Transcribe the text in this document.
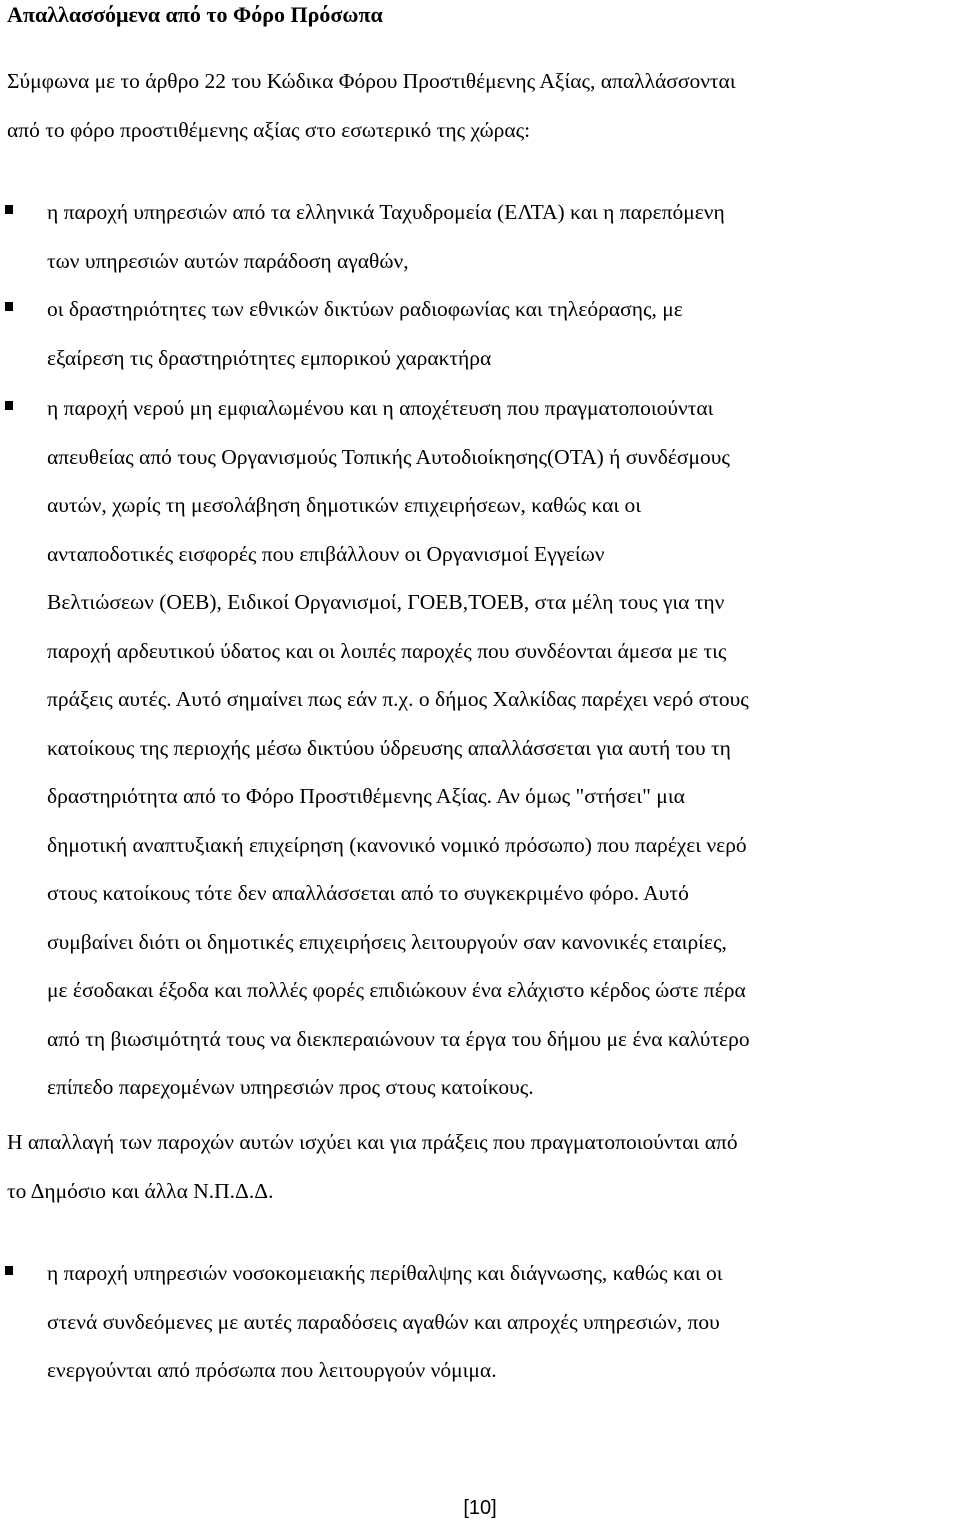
Απαλλασσόμενα από το Φόρο Πρόσωπα

Σύμφωνα με το άρθρο 22 του Κώδικα Φόρου Προστιθέμενης Αξίας, απαλλάσσονται
από το φόρο προστιθέμενης αξίας στο εσωτερικό της χώρας:

η παροχή υπηρεσιών από τα ελληνικά Ταχυδρομεία (ΕΛΤΑ) και η παρεπόμενη
των υπηρεσιών αυτών παράδοση αγαθών,

οι δραστηριότητες των εθνικών δικτύων ραδιοφωνίας και τηλεόρασης, με
εξαίρεση τις δραστηριότητες εμπορικού χαρακτήρα

η παροχή νερού μη εμφιαλωμένου και η αποχέτευση που πραγματοποιούνται
απευθείας από τους Οργανισμούς Τοπικής Αυτοδιοίκησης(ΟΤΑ) ή συνδέσμους
αυτών, χωρίς τη μεσολάβηση δημοτικών επιχειρήσεων, καθώς και οι
ανταποδοτικές εισφορές που επιβάλλουν οι Οργανισμοί Εγγείων
Βελτιώσεων (ΟΕΒ), Ειδικοί Οργανισμοί, ΓΟΕΒ,ΤΟΕΒ, στα μέλη τους για την
παροχή αρδευτικού ύδατος και οι λοιπές παροχές που συνδέονται άμεσα με τις
πράξεις αυτές. Αυτό σημαίνει πως εάν π.χ. ο δήμος Χαλκίδας παρέχει νερό στους
κατοίκους της περιοχής μέσω δικτύου ύδρευσης απαλλάσσεται για αυτή του τη
δραστηριότητα από το Φόρο Προστιθέμενης Αξίας. Αν όμως "στήσει" μια
δημοτική αναπτυξιακή επιχείρηση (κανονικό νομικό πρόσωπο) που παρέχει νερό
στους κατοίκους τότε δεν απαλλάσσεται από το συγκεκριμένο φόρο. Αυτό
συμβαίνει διότι οι δημοτικές επιχειρήσεις λειτουργούν σαν κανονικές εταιρίες,
με έσοδακαι έξοδα και πολλές φορές επιδιώκουν ένα ελάχιστο κέρδος ώστε πέρα
από τη βιωσιμότητά τους να διεκπεραιώνουν τα έργα του δήμου με ένα καλύτερο
επίπεδο παρεχομένων υπηρεσιών προς στους κατοίκους.

Η απαλλαγή των παροχών αυτών ισχύει και για πράξεις που πραγματοποιούνται από
το Δημόσιο και άλλα Ν.Π.Δ.Δ.

η παροχή υπηρεσιών νοσοκομειακής περίθαλψης και διάγνωσης, καθώς και οι
στενά συνδεόμενες με αυτές παραδόσεις αγαθών και απροχές υπηρεσιών, που
ενεργούνται από πρόσωπα που λειτουργούν νόμιμα.

[10]
